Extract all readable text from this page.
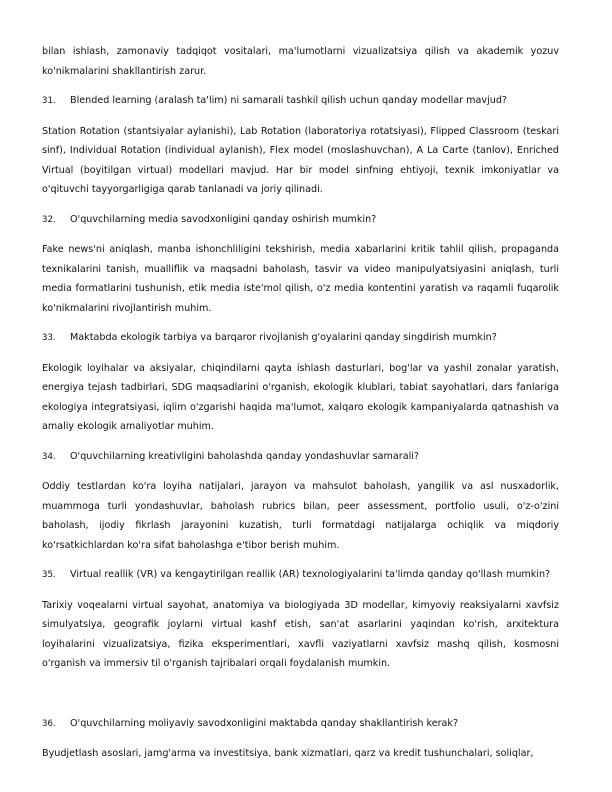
bilan ishlash, zamonaviy tadqiqot vositalari, ma'lumotlarni vizualizatsiya qilish va akademik yozuv ko'nikmalarini shakllantirish zarur.

31.	Blended learning (aralash ta'lim) ni samarali tashkil qilish uchun qanday modellar mavjud?

Station Rotation (stantsiyalar aylanishi), Lab Rotation (laboratoriya rotatsiyasi), Flipped Classroom (teskari sinf), Individual Rotation (individual aylanish), Flex model (moslashuvchan), A La Carte (tanlov), Enriched Virtual (boyitilgan virtual) modellari mavjud. Har bir model sinfning ehtiyoji, texnik imkoniyatlar va o'qituvchi tayyorgarligiga qarab tanlanadi va joriy qilinadi.

32.	O'quvchilarning media savodxonligini qanday oshirish mumkin?

Fake news'ni aniqlash, manba ishonchliligini tekshirish, media xabarlarini kritik tahlil qilish, propaganda texnikalarini tanish, mualliflik va maqsadni baholash, tasvir va video manipulyatsiyasini aniqlash, turli media formatlarini tushunish, etik media iste'mol qilish, o'z media kontentini yaratish va raqamli fuqarolik ko'nikmalarini rivojlantirish muhim.

33.	Maktabda ekologik tarbiya va barqaror rivojlanish g'oyalarini qanday singdirish mumkin?

Ekologik loyihalar va aksiyalar, chiqindilarni qayta ishlash dasturlari, bog'lar va yashil zonalar yaratish, energiya tejash tadbirlari, SDG maqsadlarini o'rganish, ekologik klublari, tabiat sayohatlari, dars fanlariga ekologiya integratsiyasi, iqlim o'zgarishi haqida ma'lumot, xalqaro ekologik kampaniyalarda qatnashish va amaliy ekologik amaliyotlar muhim.

34.	O'quvchilarning kreativligini baholashda qanday yondashuvlar samarali?

Oddiy testlardan ko'ra loyiha natijalari, jarayon va mahsulot baholash, yangilik va asl nusxadorlik, muammoga turli yondashuvlar, baholash rubrics bilan, peer assessment, portfolio usuli, o'z-o'zini baholash, ijodiy fikrlash jarayonini kuzatish, turli formatdagi natijalarga ochiqlik va miqdoriy ko'rsatkichlardan ko'ra sifat baholashga e'tibor berish muhim.

35.	Virtual reallik (VR) va kengaytirilgan reallik (AR) texnologiyalarini ta'limda qanday qo'llash mumkin?

Tarixiy voqealarni virtual sayohat, anatomiya va biologiyada 3D modellar, kimyoviy reaksiyalarni xavfsiz simulyatsiya, geografik joylarni virtual kashf etish, san'at asarlarini yaqindan ko'rish, arxitektura loyihalarini vizualizatsiya, fizika eksperimentlari, xavfli vaziyatlarni xavfsiz mashq qilish, kosmosni o'rganish va immersiv til o'rganish tajribalari orqali foydalanish mumkin.

36.	O'quvchilarning moliyaviy savodxonligini maktabda qanday shakllantirish kerak?

Byudjetlash asoslari, jamg'arma va investitsiya, bank xizmatlari, qarz va kredit tushunchalari, soliqlar,
